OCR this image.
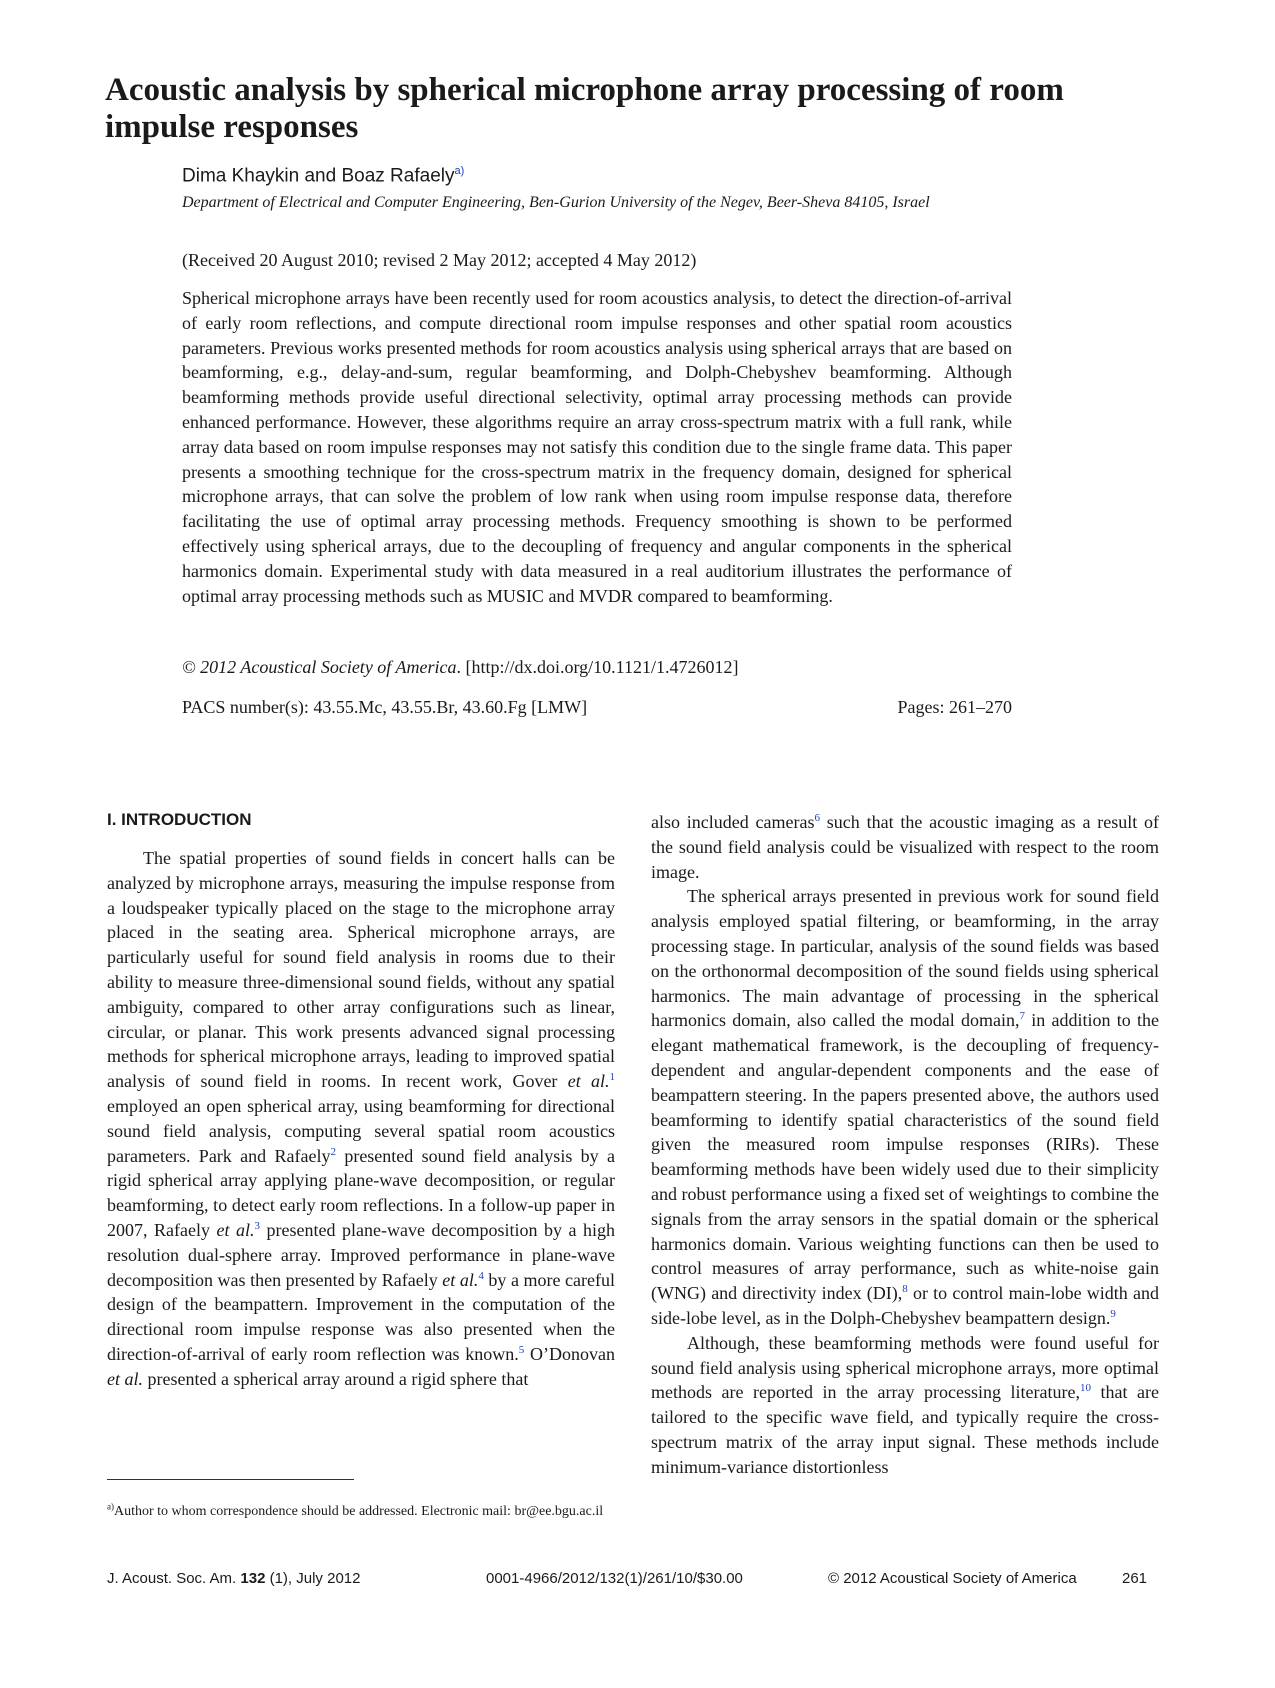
Acoustic analysis by spherical microphone array processing of room impulse responses
Dima Khaykin and Boaz Rafaely$^{a)}$
Department of Electrical and Computer Engineering, Ben-Gurion University of the Negev, Beer-Sheva 84105, Israel
(Received 20 August 2010; revised 2 May 2012; accepted 4 May 2012)
Spherical microphone arrays have been recently used for room acoustics analysis, to detect the direction-of-arrival of early room reflections, and compute directional room impulse responses and other spatial room acoustics parameters. Previous works presented methods for room acoustics analysis using spherical arrays that are based on beamforming, e.g., delay-and-sum, regular beamforming, and Dolph-Chebyshev beamforming. Although beamforming methods provide useful directional selectivity, optimal array processing methods can provide enhanced performance. However, these algorithms require an array cross-spectrum matrix with a full rank, while array data based on room impulse responses may not satisfy this condition due to the single frame data. This paper presents a smoothing technique for the cross-spectrum matrix in the frequency domain, designed for spherical microphone arrays, that can solve the problem of low rank when using room impulse response data, therefore facilitating the use of optimal array processing methods. Frequency smoothing is shown to be performed effectively using spherical arrays, due to the decoupling of frequency and angular components in the spherical harmonics domain. Experimental study with data measured in a real auditorium illustrates the performance of optimal array processing methods such as MUSIC and MVDR compared to beamforming.
© 2012 Acoustical Society of America. [http://dx.doi.org/10.1121/1.4726012]
PACS number(s): 43.55.Mc, 43.55.Br, 43.60.Fg [LMW]	Pages: 261–270
I. INTRODUCTION

The spatial properties of sound fields in concert halls can be analyzed by microphone arrays, measuring the impulse response from a loudspeaker typically placed on the stage to the microphone array placed in the seating area. Spherical microphone arrays, are particularly useful for sound field analysis in rooms due to their ability to measure three-dimensional sound fields, without any spatial ambiguity, compared to other array configurations such as linear, circular, or planar. This work presents advanced signal processing methods for spherical microphone arrays, leading to improved spatial analysis of sound field in rooms. In recent work, Gover et al.$^1$ employed an open spherical array, using beamforming for directional sound field analysis, computing several spatial room acoustics parameters. Park and Rafaely$^2$ presented sound field analysis by a rigid spherical array applying plane-wave decomposition, or regular beamforming, to detect early room reflections. In a follow-up paper in 2007, Rafaely et al.$^3$ presented plane-wave decomposition by a high resolution dual-sphere array. Improved performance in plane-wave decomposition was then presented by Rafaely et al.$^4$ by a more careful design of the beampattern. Improvement in the computation of the directional room impulse response was also presented when the direction-of-arrival of early room reflection was known.$^5$ O’Donovan et al. presented a spherical array around a rigid sphere that

$^{a)}$Author to whom correspondence should be addressed. Electronic mail: br@ee.bgu.ac.il

also included cameras$^6$ such that the acoustic imaging as a result of the sound field analysis could be visualized with respect to the room image.

The spherical arrays presented in previous work for sound field analysis employed spatial filtering, or beamforming, in the array processing stage. In particular, analysis of the sound fields was based on the orthonormal decomposition of the sound fields using spherical harmonics. The main advantage of processing in the spherical harmonics domain, also called the modal domain,$^7$ in addition to the elegant mathematical framework, is the decoupling of frequency-dependent and angular-dependent components and the ease of beampattern steering. In the papers presented above, the authors used beamforming to identify spatial characteristics of the sound field given the measured room impulse responses (RIRs). These beamforming methods have been widely used due to their simplicity and robust performance using a fixed set of weightings to combine the signals from the array sensors in the spatial domain or the spherical harmonics domain. Various weighting functions can then be used to control measures of array performance, such as white-noise gain (WNG) and directivity index (DI),$^8$ or to control main-lobe width and side-lobe level, as in the Dolph-Chebyshev beampattern design.$^9$

Although, these beamforming methods were found useful for sound field analysis using spherical microphone arrays, more optimal methods are reported in the array processing literature,$^{10}$ that are tailored to the specific wave field, and typically require the cross-spectrum matrix of the array input signal. These methods include minimum-variance distortionless

J. Acoust. Soc. Am. 132 (1), July 2012	0001-4966/2012/132(1)/261/10/$30.00	© 2012 Acoustical Society of America	261
